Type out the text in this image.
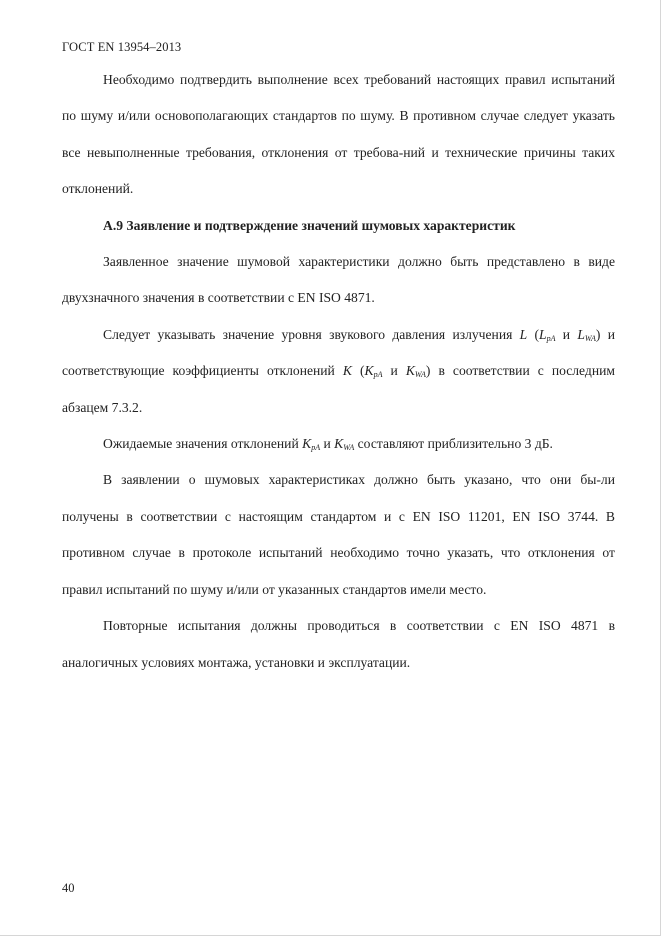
ГОСТ EN 13954–2013

Необходимо подтвердить выполнение всех требований настоящих правил испытаний по шуму и/или основополагающих стандартов по шуму. В противном случае следует указать все невыполненные требования, отклонения от требова-ний и технические причины таких отклонений.

А.9 Заявление и подтверждение значений шумовых характеристик

Заявленное значение шумовой характеристики должно быть представлено в виде двухзначного значения в соответствии с EN ISO 4871.

Следует указывать значение уровня звукового давления излучения L ($L_{pA}$ и $L_{WA}$) и соответствующие коэффициенты отклонений K ($K_{pA}$ и $K_{WA}$) в соответствии с последним абзацем 7.3.2.

Ожидаемые значения отклонений $K_{pA}$ и $K_{WA}$ составляют приблизительно 3 дБ.

В заявлении о шумовых характеристиках должно быть указано, что они бы-ли получены в соответствии с настоящим стандартом и с EN ISO 11201, EN ISO 3744. В противном случае в протоколе испытаний необходимо точно указать, что отклонения от правил испытаний по шуму и/или от указанных стандартов имели место.

Повторные испытания должны проводиться в соответствии с EN ISO 4871 в аналогичных условиях монтажа, установки и эксплуатации.

40
